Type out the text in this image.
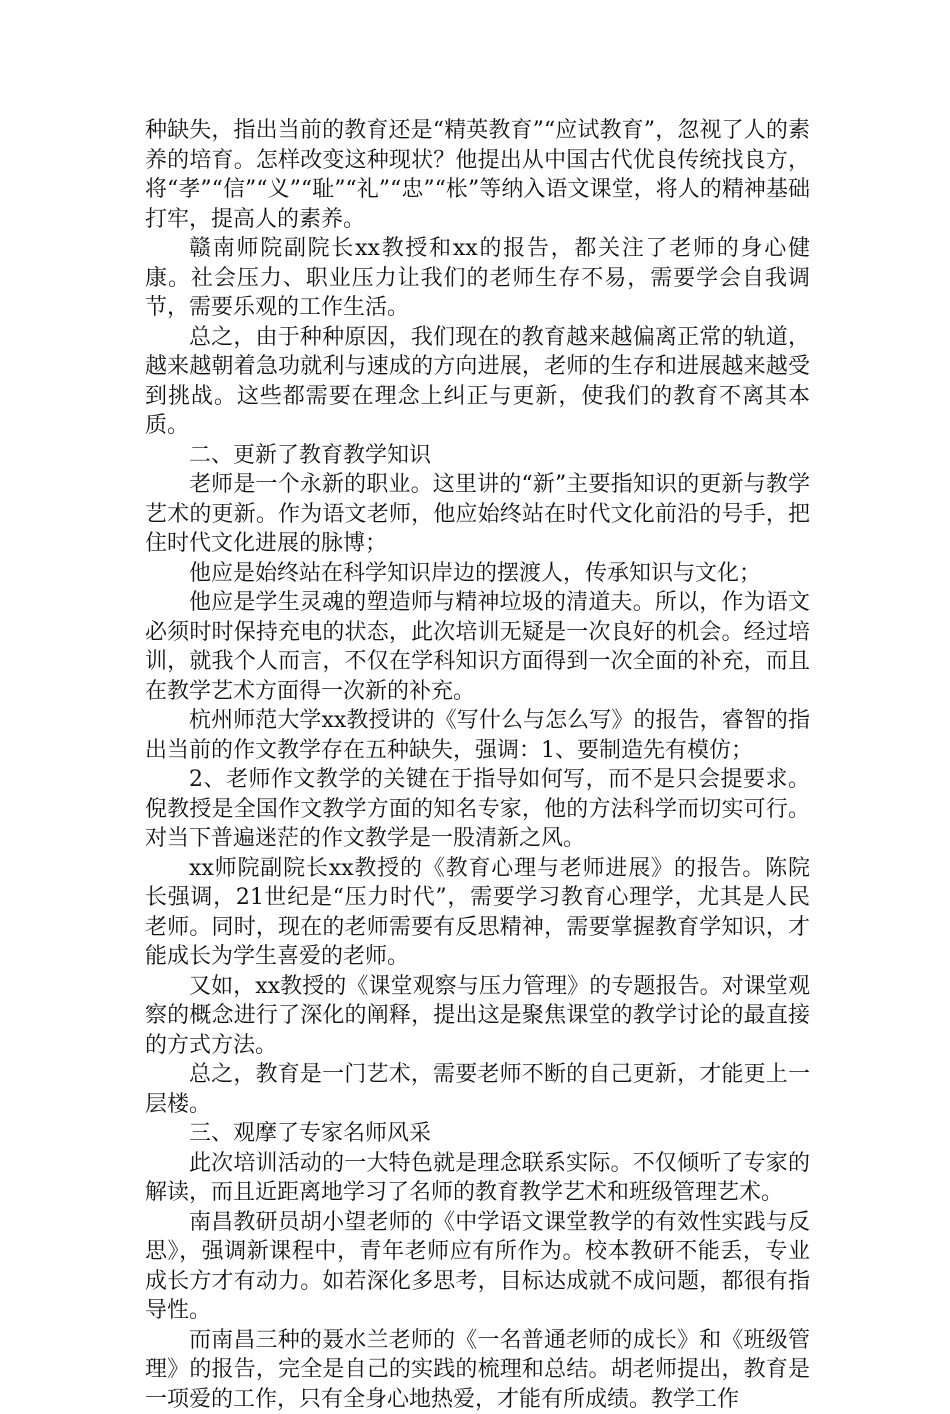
种缺失，指出当前的教育还是“精英教育”“应试教育”，忽视了人的素养的培育。怎样改变这种现状？他提出从中国古代优良传统找良方，将“孝”“信”“义”“耻”“礼”“忠”“枨”等纳入语文课堂，将人的精神基础打牢，提高人的素养。

赣南师院副院长xx教授和xx的报告，都关注了老师的身心健康。社会压力、职业压力让我们的老师生存不易，需要学会自我调节，需要乐观的工作生活。

总之，由于种种原因，我们现在的教育越来越偏离正常的轨道，越来越朝着急功就利与速成的方向进展，老师的生存和进展越来越受到挑战。这些都需要在理念上纠正与更新，使我们的教育不离其本质。

二、更新了教育教学知识

老师是一个永新的职业。这里讲的“新”主要指知识的更新与教学艺术的更新。作为语文老师，他应始终站在时代文化前沿的号手，把住时代文化进展的脉博；

他应是始终站在科学知识岸边的摆渡人，传承知识与文化；

他应是学生灵魂的塑造师与精神垃圾的清道夫。所以，作为语文必须时时保持充电的状态，此次培训无疑是一次良好的机会。经过培训，就我个人而言，不仅在学科知识方面得到一次全面的补充，而且在教学艺术方面得一次新的补充。

杭州师范大学xx教授讲的《写什么与怎么写》的报告，睿智的指出当前的作文教学存在五种缺失，强调：1、要制造先有模仿；

2、老师作文教学的关键在于指导如何写，而不是只会提要求。倪教授是全国作文教学方面的知名专家，他的方法科学而切实可行。对当下普遍迷茫的作文教学是一股清新之风。

xx师院副院长xx教授的《教育心理与老师进展》的报告。陈院长强调，21世纪是“压力时代”，需要学习教育心理学，尤其是人民老师。同时，现在的老师需要有反思精神，需要掌握教育学知识，才能成长为学生喜爱的老师。

又如，xx教授的《课堂观察与压力管理》的专题报告。对课堂观察的概念进行了深化的阐释，提出这是聚焦课堂的教学讨论的最直接的方式方法。

总之，教育是一门艺术，需要老师不断的自己更新，才能更上一层楼。

三、观摩了专家名师风采

此次培训活动的一大特色就是理念联系实际。不仅倾听了专家的解读，而且近距离地学习了名师的教育教学艺术和班级管理艺术。

南昌教研员胡小望老师的《中学语文课堂教学的有效性实践与反思》，强调新课程中，青年老师应有所作为。校本教研不能丢，专业成长方才有动力。如若深化多思考，目标达成就不成问题，都很有指导性。

而南昌三种的聂水兰老师的《一名普通老师的成长》和《班级管理》的报告，完全是自己的实践的梳理和总结。胡老师提出，教育是一项爱的工作，只有全身心地热爱，才能有所成绩。教学工作
